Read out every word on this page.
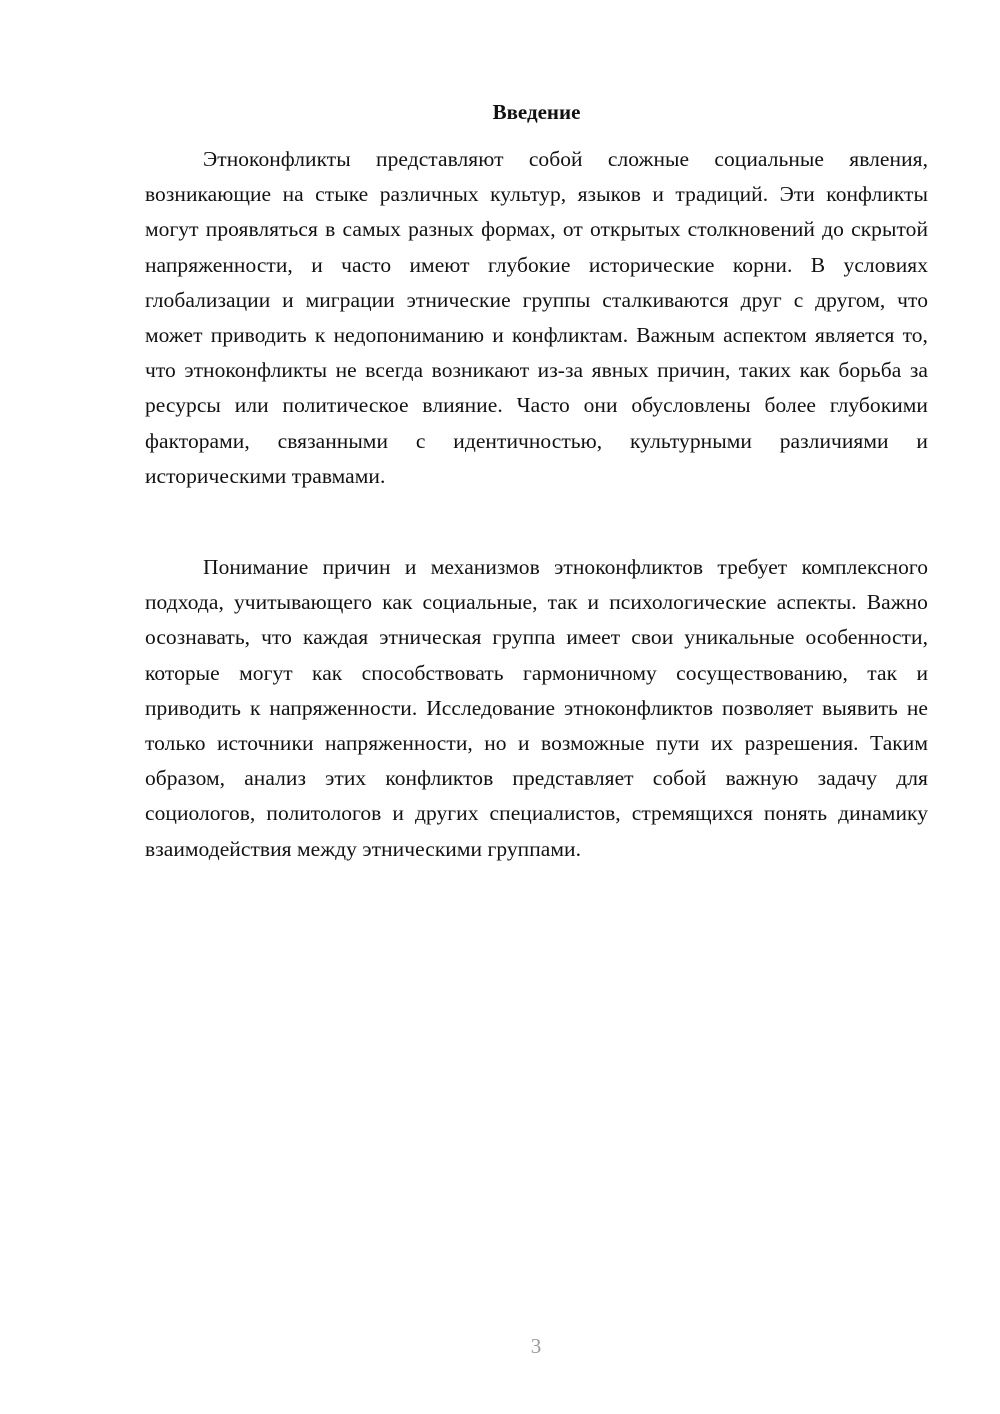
Введение

Этноконфликты представляют собой сложные социальные явления, возникающие на стыке различных культур, языков и традиций. Эти конфликты могут проявляться в самых разных формах, от открытых столкновений до скрытой напряженности, и часто имеют глубокие исторические корни. В условиях глобализации и миграции этнические группы сталкиваются друг с другом, что может приводить к недопониманию и конфликтам. Важным аспектом является то, что этноконфликты не всегда возникают из-за явных причин, таких как борьба за ресурсы или политическое влияние. Часто они обусловлены более глубокими факторами, связанными с идентичностью, культурными различиями и историческими травмами.

Понимание причин и механизмов этноконфликтов требует комплексного подхода, учитывающего как социальные, так и психологические аспекты. Важно осознавать, что каждая этническая группа имеет свои уникальные особенности, которые могут как способствовать гармоничному сосуществованию, так и приводить к напряженности. Исследование этноконфликтов позволяет выявить не только источники напряженности, но и возможные пути их разрешения. Таким образом, анализ этих конфликтов представляет собой важную задачу для социологов, политологов и других специалистов, стремящихся понять динамику взаимодействия между этническими группами.

3
